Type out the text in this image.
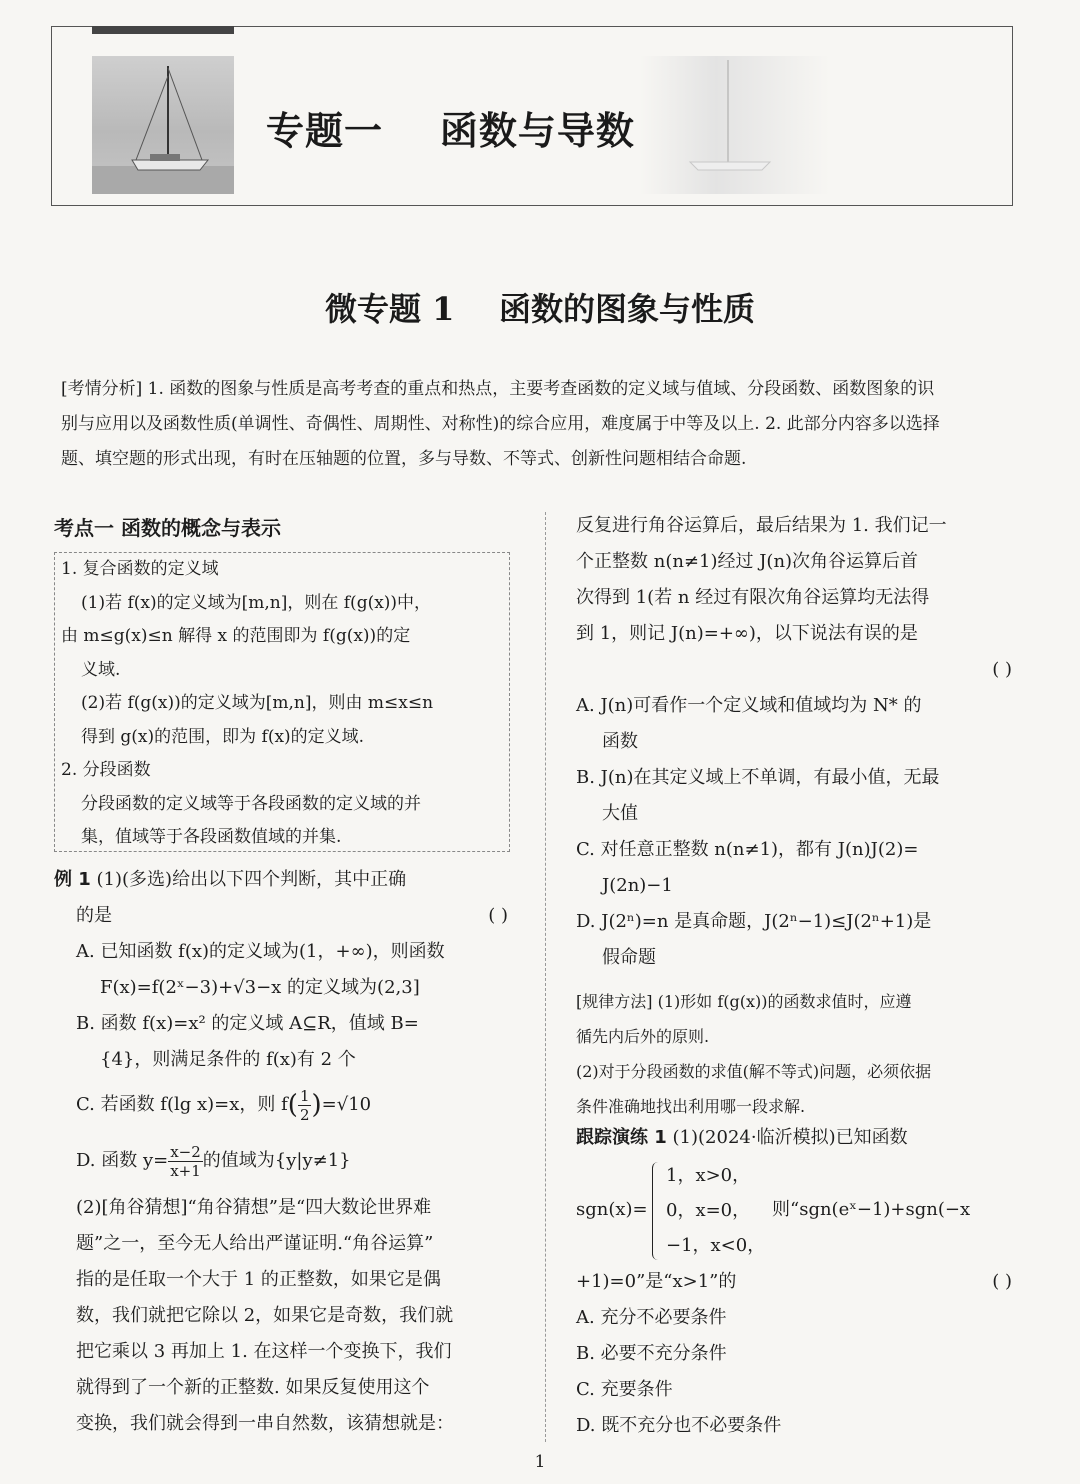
专题一    函数与导数
微专题 1    函数的图象与性质
[考情分析] 1. 函数的图象与性质是高考考查的重点和热点，主要考查函数的定义域与值域、分段函数、函数图象的识
别与应用以及函数性质(单调性、奇偶性、周期性、对称性)的综合应用，难度属于中等及以上. 2. 此部分内容多以选择
题、填空题的形式出现，有时在压轴题的位置，多与导数、不等式、创新性问题相结合命题.
考点一 函数的概念与表示
1. 复合函数的定义域
(1)若 f(x)的定义域为[m,n]，则在 f(g(x))中，
由 m≤g(x)≤n 解得 x 的范围即为 f(g(x))的定
义域.
(2)若 f(g(x))的定义域为[m,n]，则由 m≤x≤n
得到 g(x)的范围，即为 f(x)的定义域.
2. 分段函数
分段函数的定义域等于各段函数的定义域的并
集，值域等于各段函数值域的并集.
例 1 (1)(多选)给出以下四个判断，其中正确
的是	( )
A. 已知函数 f(x)的定义域为(1，+∞)，则函数
F(x)=f(2ˣ−3)+√3−x 的定义域为(2,3]
B. 函数 f(x)=x² 的定义域 A⊆R，值域 B=
{4}，则满足条件的 f(x)有 2 个
C. 若函数 f(lg x)=x，则 $f( \frac{1}{2} )=√10$
D. 函数 $y= \frac{x-2}{x+1}$ 的值域为{y|y≠1}
(2)[角谷猜想]“角谷猜想”是“四大数论世界难
题”之一，至今无人给出严谨证明.“角谷运算”
指的是任取一个大于 1 的正整数，如果它是偶
数，我们就把它除以 2，如果它是奇数，我们就
把它乘以 3 再加上 1. 在这样一个变换下，我们
就得到了一个新的正整数. 如果反复使用这个
变换，我们就会得到一串自然数，该猜想就是：
反复进行角谷运算后，最后结果为 1. 我们记一
个正整数 n(n≠1)经过 J(n)次角谷运算后首
次得到 1(若 n 经过有限次角谷运算均无法得
到 1，则记 J(n)=+∞)，以下说法有误的是
( )
A. J(n)可看作一个定义域和值域均为 N* 的
函数
B. J(n)在其定义域上不单调，有最小值，无最
大值
C. 对任意正整数 n(n≠1)，都有 J(n)J(2)=
J(2n)−1
D. J(2ⁿ)=n 是真命题，J(2ⁿ−1)≤J(2ⁿ+1)是
假命题
[规律方法] (1)形如 f(g(x))的函数求值时，应遵
循先内后外的原则.
(2)对于分段函数的求值(解不等式)问题，必须依据
条件准确地找出利用哪一段求解.
跟踪演练 1 (1)(2024·临沂模拟)已知函数
sgn(x)=
1，x>0，
0，x=0，
−1，x<0，
则“sgn(eˣ−1)+sgn(−x
+1)=0”是“x>1”的	( )
A. 充分不必要条件
B. 必要不充分条件
C. 充要条件
D. 既不充分也不必要条件
1
